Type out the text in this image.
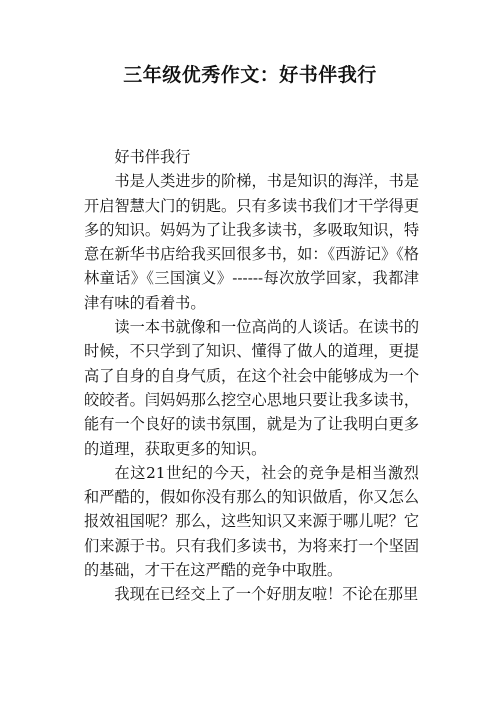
三年级优秀作文：好书伴我行

好书伴我行

书是人类进步的阶梯，书是知识的海洋，书是开启智慧大门的钥匙。只有多读书我们才干学得更多的知识。妈妈为了让我多读书，多吸取知识，特意在新华书店给我买回很多书，如：《西游记》《格林童话》《三国演义》------每次放学回家，我都津津有味的看着书。

读一本书就像和一位高尚的人谈话。在读书的时候，不只学到了知识、懂得了做人的道理，更提高了自身的自身气质，在这个社会中能够成为一个皎皎者。闫妈妈那么挖空心思地只要让我多读书，能有一个良好的读书氛围，就是为了让我明白更多的道理，获取更多的知识。

在这21世纪的今天，社会的竞争是相当激烈和严酷的，假如你没有那么的知识做盾，你又怎么报效祖国呢？那么，这些知识又来源于哪儿呢？它们来源于书。只有我们多读书，为将来打一个坚固的基础，才干在这严酷的竞争中取胜。

我现在已经交上了一个好朋友啦！不论在那里
